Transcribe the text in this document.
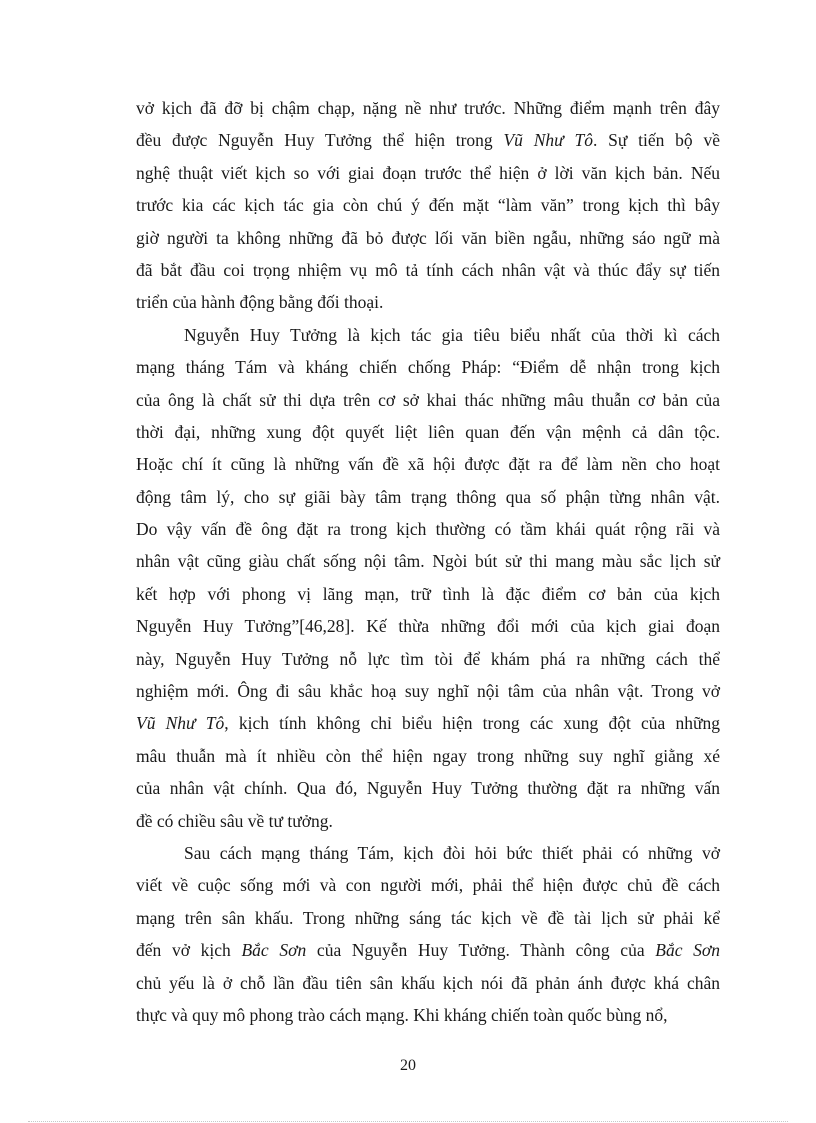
vở kịch đã đỡ bị chậm chạp, nặng nề như trước. Những điểm mạnh trên đây
đều được Nguyễn Huy Tưởng thể hiện trong Vũ Như Tô. Sự tiến bộ về
nghệ thuật viết kịch so với giai đoạn trước thể hiện ở lời văn kịch bản. Nếu
trước kia các kịch tác gia còn chú ý đến mặt “làm văn” trong kịch thì bây
giờ người ta không những đã bỏ được lối văn biền ngẫu, những sáo ngữ mà
đã bắt đầu coi trọng nhiệm vụ mô tả tính cách nhân vật và thúc đẩy sự tiến
triển của hành động bằng đối thoại.
Nguyễn Huy Tưởng là kịch tác gia tiêu biểu nhất của thời kì cách
mạng tháng Tám và kháng chiến chống Pháp: “Điểm dễ nhận trong kịch
của ông là chất sử thi dựa trên cơ sở khai thác những mâu thuẫn cơ bản của
thời đại, những xung đột quyết liệt liên quan đến vận mệnh cả dân tộc.
Hoặc chí ít cũng là những vấn đề xã hội được đặt ra để làm nền cho hoạt
động tâm lý, cho sự giãi bày tâm trạng thông qua số phận từng nhân vật.
Do vậy vấn đề ông đặt ra trong kịch thường có tầm khái quát rộng rãi và
nhân vật cũng giàu chất sống nội tâm. Ngòi bút sử thi mang màu sắc lịch sử
kết hợp với phong vị lãng mạn, trữ tình là đặc điểm cơ bản của kịch
Nguyễn Huy Tưởng”[46,28]. Kế thừa những đổi mới của kịch giai đoạn
này, Nguyễn Huy Tưởng nỗ lực tìm tòi để khám phá ra những cách thể
nghiệm mới. Ông đi sâu khắc hoạ suy nghĩ nội tâm của nhân vật. Trong vở
Vũ Như Tô, kịch tính không chỉ biểu hiện trong các xung đột của những
mâu thuẫn mà ít nhiều còn thể hiện ngay trong những suy nghĩ giằng xé
của nhân vật chính. Qua đó, Nguyễn Huy Tưởng thường đặt ra những vấn
đề có chiều sâu về tư tưởng.
Sau cách mạng tháng Tám, kịch đòi hỏi bức thiết phải có những vở
viết về cuộc sống mới và con người mới, phải thể hiện được chủ đề cách
mạng trên sân khấu. Trong những sáng tác kịch về đề tài lịch sử phải kể
đến vở kịch Bắc Sơn của Nguyễn Huy Tưởng. Thành công của Bắc Sơn
chủ yếu là ở chỗ lần đầu tiên sân khấu kịch nói đã phản ánh được khá chân
thực và quy mô phong trào cách mạng. Khi kháng chiến toàn quốc bùng nổ,
20
